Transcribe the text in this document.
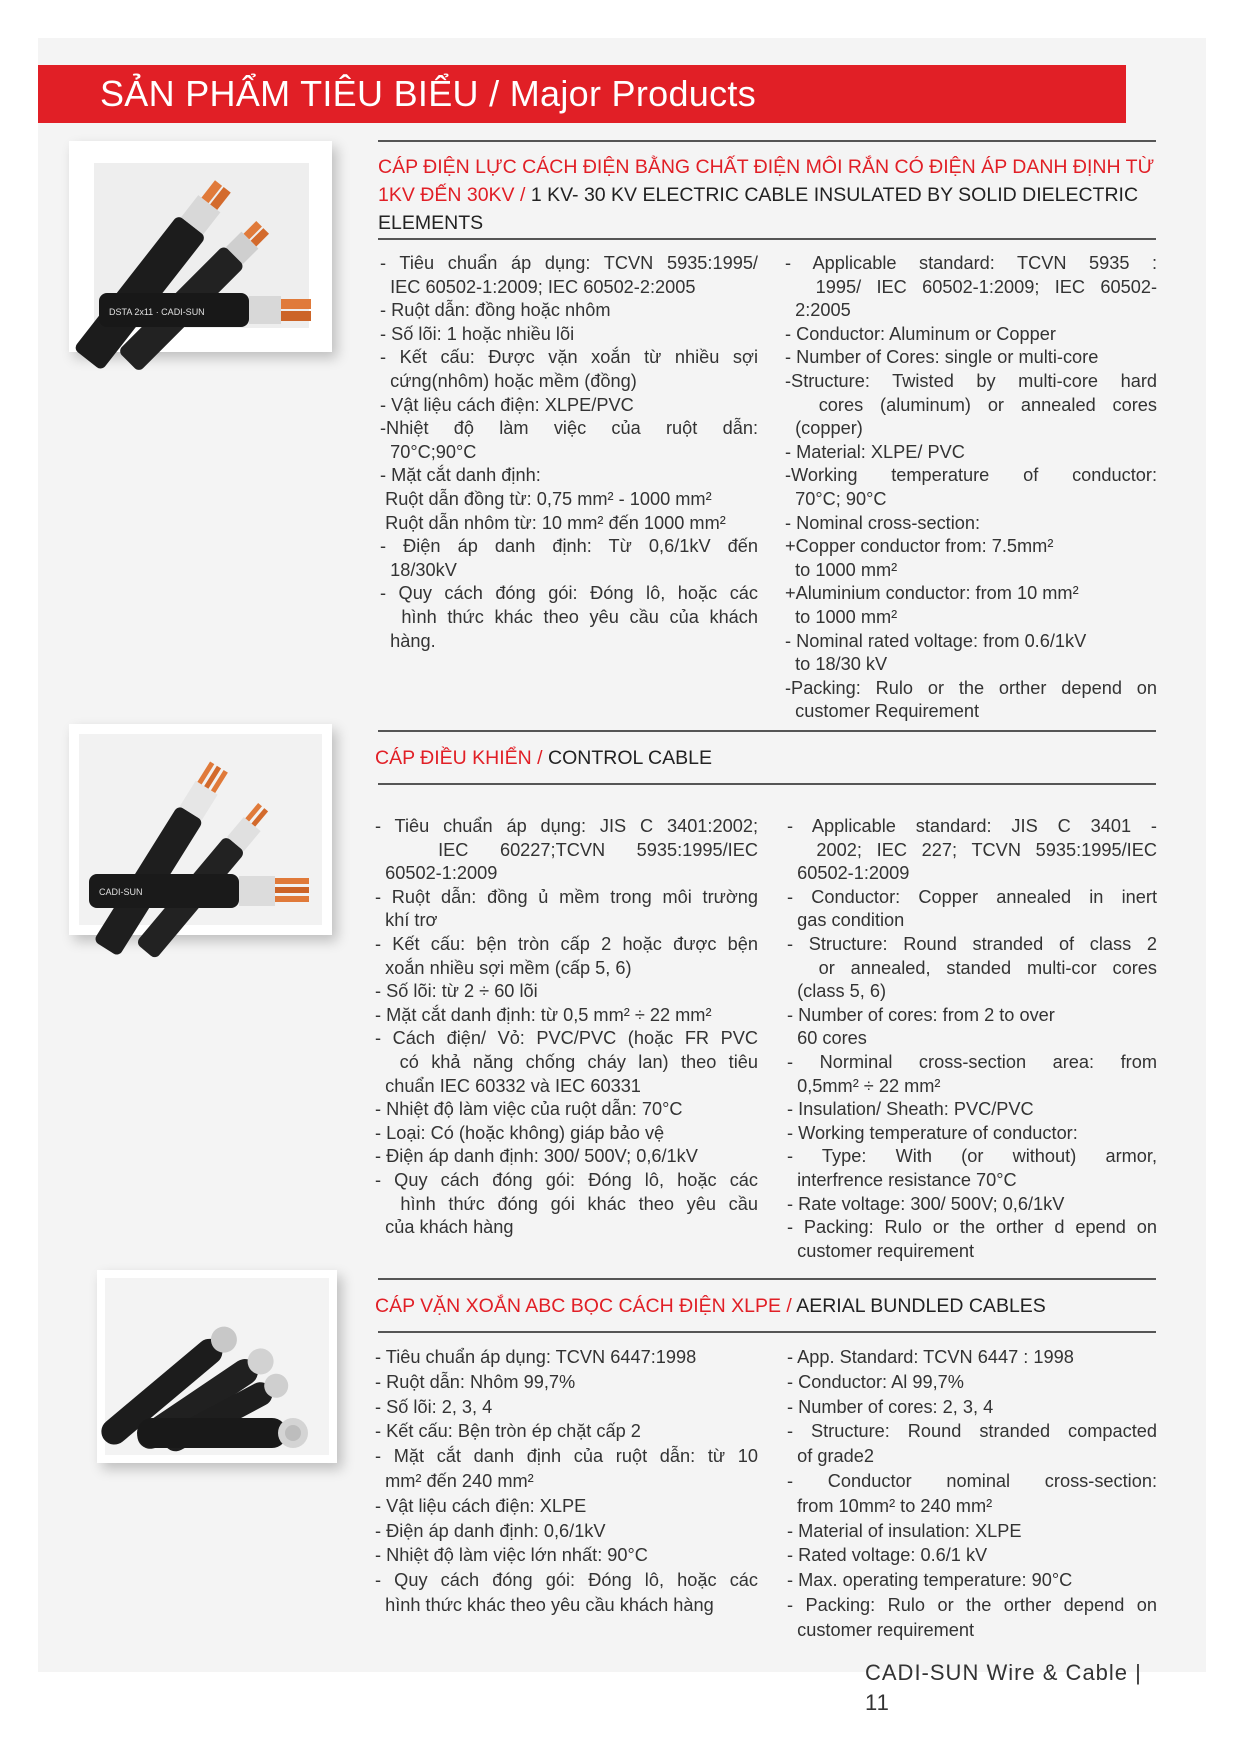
SẢN PHẨM TIÊU BIỂU / Major Products
DSTA 2x11 · CADI-SUN
CÁP ĐIỆN LỰC CÁCH ĐIỆN BẰNG CHẤT ĐIỆN MÔI RẮN CÓ ĐIỆN ÁP DANH ĐỊNH TỪ 1KV ĐẾN 30KV / 1 KV- 30 KV ELECTRIC CABLE INSULATED BY SOLID DIELECTRIC ELEMENTS
- Tiêu chuẩn áp dụng: TCVN 5935:1995/
IEC 60502-1:2009; IEC 60502-2:2005
- Ruột dẫn: đồng hoặc nhôm
- Số lõi: 1 hoặc nhiều lõi
- Kết cấu: Được vặn xoắn từ nhiều sợi
cứng(nhôm) hoặc mềm (đồng)
- Vật liệu cách điện: XLPE/PVC
-Nhiệt độ làm việc của ruột dẫn:
70°C;90°C
- Mặt cắt danh định:
Ruột dẫn đồng từ: 0,75 mm² - 1000 mm²
Ruột dẫn nhôm từ: 10 mm² đến 1000 mm²
- Điện áp danh định: Từ 0,6/1kV đến
18/30kV
- Quy cách đóng gói: Đóng lô, hoặc các
hình thức khác theo yêu cầu của khách
hàng.
- Applicable standard: TCVN 5935 :
1995/ IEC 60502-1:2009; IEC 60502-
2:2005
- Conductor: Aluminum or Copper
- Number of Cores: single or multi-core
-Structure: Twisted by multi-core hard
cores (aluminum) or annealed cores
(copper)
- Material: XLPE/ PVC
-Working temperature of conductor:
70°C; 90°C
- Nominal cross-section:
+Copper conductor from: 7.5mm²
to 1000 mm²
+Aluminium conductor: from 10 mm²
to 1000 mm²
- Nominal rated voltage: from 0.6/1kV
to 18/30 kV
-Packing: Rulo or the orther depend on
customer Requirement
CADI-SUN
CÁP ĐIỀU KHIỂN / CONTROL CABLE
- Tiêu chuẩn áp dụng: JIS C 3401:2002;
IEC 60227;TCVN 5935:1995/IEC
60502-1:2009
- Ruột dẫn: đồng ủ mềm trong môi trường
khí trơ
- Kết cấu: bện tròn cấp 2 hoặc được bện
xoắn nhiều sợi mềm (cấp 5, 6)
- Số lõi: từ 2 ÷ 60 lõi
- Mặt cắt danh định: từ 0,5 mm² ÷ 22 mm²
- Cách điện/ Vỏ: PVC/PVC (hoặc FR PVC
có khả năng chống cháy lan) theo tiêu
chuẩn IEC 60332 và IEC 60331
- Nhiệt độ làm việc của ruột dẫn: 70°C
- Loại: Có (hoặc không) giáp bảo vệ
- Điện áp danh định: 300/ 500V; 0,6/1kV
- Quy cách đóng gói: Đóng lô, hoặc các
hình thức đóng gói khác theo yêu cầu
của khách hàng
- Applicable standard: JIS C 3401 -
2002; IEC 227; TCVN 5935:1995/IEC
60502-1:2009
- Conductor: Copper annealed in inert
gas condition
- Structure: Round stranded of class 2
or annealed, standed multi-cor cores
(class 5, 6)
- Number of cores: from 2 to over
60 cores
- Norminal cross-section area: from
0,5mm² ÷ 22 mm²
- Insulation/ Sheath: PVC/PVC
- Working temperature of conductor:
- Type: With (or without) armor,
interfrence resistance 70°C
- Rate voltage: 300/ 500V; 0,6/1kV
- Packing: Rulo or the orther d epend on
customer requirement
CÁP VẶN XOẮN ABC BỌC CÁCH ĐIỆN XLPE / AERIAL BUNDLED CABLES
- Tiêu chuẩn áp dụng: TCVN 6447:1998
- Ruột dẫn: Nhôm 99,7%
- Số lõi: 2, 3, 4
- Kết cấu: Bện tròn ép chặt cấp 2
- Mặt cắt danh định của ruột dẫn: từ 10
mm² đến 240 mm²
- Vật liệu cách điện: XLPE
- Điện áp danh định: 0,6/1kV
- Nhiệt độ làm việc lớn nhất: 90°C
- Quy cách đóng gói: Đóng lô, hoặc các
hình thức khác theo yêu cầu khách hàng
- App. Standard: TCVN 6447 : 1998
- Conductor: Al 99,7%
- Number of cores: 2, 3, 4
- Structure: Round stranded compacted
of grade2
- Conductor nominal cross-section:
from 10mm² to 240 mm²
- Material of insulation: XLPE
- Rated voltage: 0.6/1 kV
- Max. operating temperature: 90°C
- Packing: Rulo or the orther depend on
customer requirement
CADI-SUN Wire & Cable | 11
